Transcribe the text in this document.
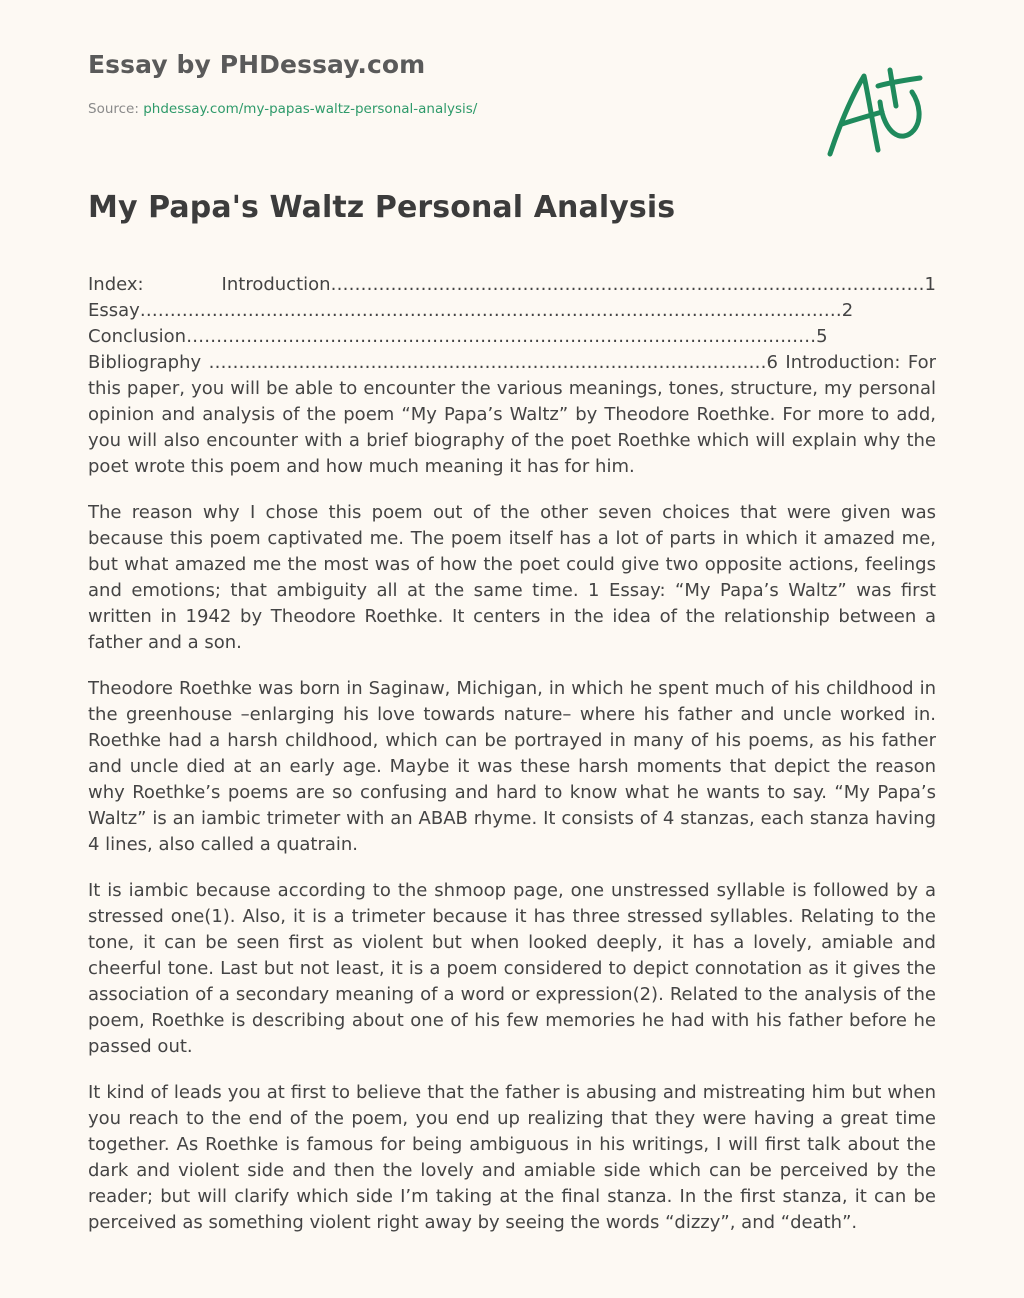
Essay by PHDessay.com
Source: phdessay.com/my-papas-waltz-personal-analysis/
My Papa's Waltz Personal Analysis

Index: Introduction………………………………………………………………………………………1 Essay………………………………………………………………………………………………………2 Conclusion……………………………………………………………………………………………5 Bibliography …………………………………………………………………………………6 Introduction: For this paper, you will be able to encounter the various meanings, tones, structure, my personal opinion and analysis of the poem “My Papa’s Waltz” by Theodore Roethke. For more to add, you will also encounter with a brief biography of the poet Roethke which will explain why the poet wrote this poem and how much meaning it has for him.

The reason why I chose this poem out of the other seven choices that were given was because this poem captivated me. The poem itself has a lot of parts in which it amazed me, but what amazed me the most was of how the poet could give two opposite actions, feelings and emotions; that ambiguity all at the same time. 1 Essay: “My Papa’s Waltz” was first written in 1942 by Theodore Roethke. It centers in the idea of the relationship between a father and a son.

Theodore Roethke was born in Saginaw, Michigan, in which he spent much of his childhood in the greenhouse –enlarging his love towards nature– where his father and uncle worked in. Roethke had a harsh childhood, which can be portrayed in many of his poems, as his father and uncle died at an early age. Maybe it was these harsh moments that depict the reason why Roethke’s poems are so confusing and hard to know what he wants to say. “My Papa’s Waltz” is an iambic trimeter with an ABAB rhyme. It consists of 4 stanzas, each stanza having 4 lines, also called a quatrain.

It is iambic because according to the shmoop page, one unstressed syllable is followed by a stressed one(1). Also, it is a trimeter because it has three stressed syllables. Relating to the tone, it can be seen first as violent but when looked deeply, it has a lovely, amiable and cheerful tone. Last but not least, it is a poem considered to depict connotation as it gives the association of a secondary meaning of a word or expression(2). Related to the analysis of the poem, Roethke is describing about one of his few memories he had with his father before he passed out.

It kind of leads you at first to believe that the father is abusing and mistreating him but when you reach to the end of the poem, you end up realizing that they were having a great time together. As Roethke is famous for being ambiguous in his writings, I will first talk about the dark and violent side and then the lovely and amiable side which can be perceived by the reader; but will clarify which side I’m taking at the final stanza. In the first stanza, it can be perceived as something violent right away by seeing the words “dizzy”, and “death”.
